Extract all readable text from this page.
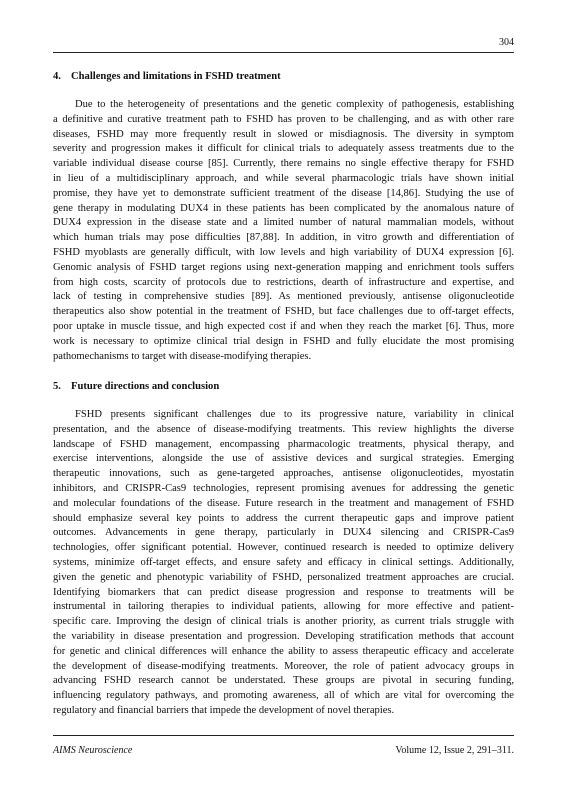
304
4. Challenges and limitations in FSHD treatment

Due to the heterogeneity of presentations and the genetic complexity of pathogenesis, establishing
a definitive and curative treatment path to FSHD has proven to be challenging, and as with other rare
diseases, FSHD may more frequently result in slowed or misdiagnosis. The diversity in symptom
severity and progression makes it difficult for clinical trials to adequately assess treatments due to the
variable individual disease course [85]. Currently, there remains no single effective therapy for FSHD
in lieu of a multidisciplinary approach, and while several pharmacologic trials have shown initial
promise, they have yet to demonstrate sufficient treatment of the disease [14,86]. Studying the use of
gene therapy in modulating DUX4 in these patients has been complicated by the anomalous nature of
DUX4 expression in the disease state and a limited number of natural mammalian models, without
which human trials may pose difficulties [87,88]. In addition, in vitro growth and differentiation of
FSHD myoblasts are generally difficult, with low levels and high variability of DUX4 expression [6].
Genomic analysis of FSHD target regions using next-generation mapping and enrichment tools suffers
from high costs, scarcity of protocols due to restrictions, dearth of infrastructure and expertise, and
lack of testing in comprehensive studies [89]. As mentioned previously, antisense oligonucleotide
therapeutics also show potential in the treatment of FSHD, but face challenges due to off-target effects,
poor uptake in muscle tissue, and high expected cost if and when they reach the market [6]. Thus, more
work is necessary to optimize clinical trial design in FSHD and fully elucidate the most promising
pathomechanisms to target with disease-modifying therapies.

5. Future directions and conclusion

FSHD presents significant challenges due to its progressive nature, variability in clinical
presentation, and the absence of disease-modifying treatments. This review highlights the diverse
landscape of FSHD management, encompassing pharmacologic treatments, physical therapy, and
exercise interventions, alongside the use of assistive devices and surgical strategies. Emerging
therapeutic innovations, such as gene-targeted approaches, antisense oligonucleotides, myostatin
inhibitors, and CRISPR-Cas9 technologies, represent promising avenues for addressing the genetic
and molecular foundations of the disease. Future research in the treatment and management of FSHD
should emphasize several key points to address the current therapeutic gaps and improve patient
outcomes. Advancements in gene therapy, particularly in DUX4 silencing and CRISPR-Cas9
technologies, offer significant potential. However, continued research is needed to optimize delivery
systems, minimize off-target effects, and ensure safety and efficacy in clinical settings. Additionally,
given the genetic and phenotypic variability of FSHD, personalized treatment approaches are crucial.
Identifying biomarkers that can predict disease progression and response to treatments will be
instrumental in tailoring therapies to individual patients, allowing for more effective and patient-
specific care. Improving the design of clinical trials is another priority, as current trials struggle with
the variability in disease presentation and progression. Developing stratification methods that account
for genetic and clinical differences will enhance the ability to assess therapeutic efficacy and accelerate
the development of disease-modifying treatments. Moreover, the role of patient advocacy groups in
advancing FSHD research cannot be understated. These groups are pivotal in securing funding,
influencing regulatory pathways, and promoting awareness, all of which are vital for overcoming the
regulatory and financial barriers that impede the development of novel therapies.

AIMS Neuroscience	Volume 12, Issue 2, 291–311.
